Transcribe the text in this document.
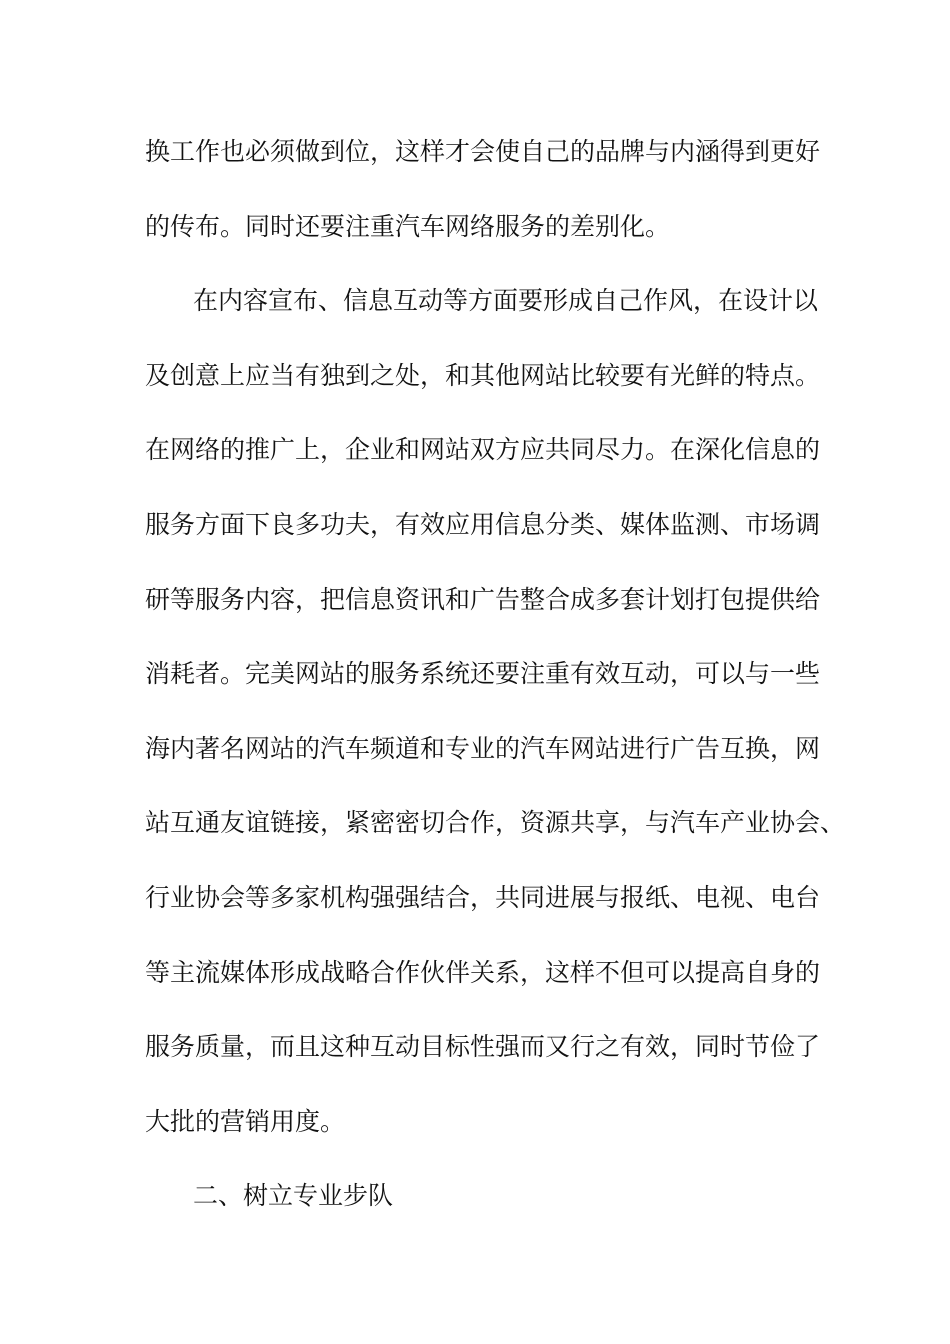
换工作也必须做到位，这样才会使自己的品牌与内涵得到更好
的传布。同时还要注重汽车网络服务的差别化。
在内容宣布、信息互动等方面要形成自己作风，在设计以
及创意上应当有独到之处，和其他网站比较要有光鲜的特点。
在网络的推广上，企业和网站双方应共同尽力。在深化信息的
服务方面下良多功夫，有效应用信息分类、媒体监测、市场调
研等服务内容，把信息资讯和广告整合成多套计划打包提供给
消耗者。完美网站的服务系统还要注重有效互动，可以与一些
海内著名网站的汽车频道和专业的汽车网站进行广告互换，网
站互通友谊链接，紧密密切合作，资源共享，与汽车产业协会、
行业协会等多家机构强强结合，共同进展与报纸、电视、电台
等主流媒体形成战略合作伙伴关系，这样不但可以提高自身的
服务质量，而且这种互动目标性强而又行之有效，同时节俭了
大批的营销用度。
二、树立专业步队
